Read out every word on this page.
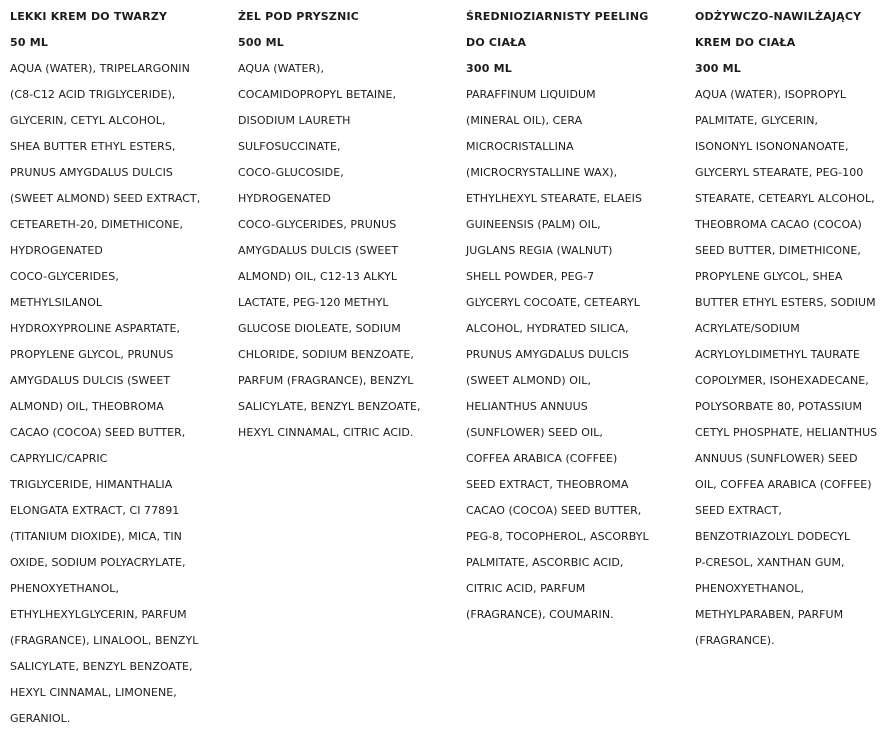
LEKKI KREM DO TWARZY
50 ML
AQUA (WATER), TRIPELARGONIN
(C8-C12 ACID TRIGLYCERIDE),
GLYCERIN, CETYL ALCOHOL,
SHEA BUTTER ETHYL ESTERS,
PRUNUS AMYGDALUS DULCIS
(SWEET ALMOND) SEED EXTRACT,
CETEARETH-20, DIMETHICONE,
HYDROGENATED
COCO-GLYCERIDES,
METHYLSILANOL
HYDROXYPROLINE ASPARTATE,
PROPYLENE GLYCOL, PRUNUS
AMYGDALUS DULCIS (SWEET
ALMOND) OIL, THEOBROMA
CACAO (COCOA) SEED BUTTER,
CAPRYLIC/CAPRIC
TRIGLYCERIDE, HIMANTHALIA
ELONGATA EXTRACT, CI 77891
(TITANIUM DIOXIDE), MICA, TIN
OXIDE, SODIUM POLYACRYLATE,
PHENOXYETHANOL,
ETHYLHEXYLGLYCERIN, PARFUM
(FRAGRANCE), LINALOOL, BENZYL
SALICYLATE, BENZYL BENZOATE,
HEXYL CINNAMAL, LIMONENE,
GERANIOL.
ŻEL POD PRYSZNIC
500 ML
AQUA (WATER),
COCAMIDOPROPYL BETAINE,
DISODIUM LAURETH
SULFOSUCCINATE,
COCO-GLUCOSIDE,
HYDROGENATED
COCO-GLYCERIDES, PRUNUS
AMYGDALUS DULCIS (SWEET
ALMOND) OIL, C12-13 ALKYL
LACTATE, PEG-120 METHYL
GLUCOSE DIOLEATE, SODIUM
CHLORIDE, SODIUM BENZOATE,
PARFUM (FRAGRANCE), BENZYL
SALICYLATE, BENZYL BENZOATE,
HEXYL CINNAMAL, CITRIC ACID.
ŚREDNIOZIARNISTY PEELING
DO CIAŁA
300 ML
PARAFFINUM LIQUIDUM
(MINERAL OIL), CERA
MICROCRISTALLINA
(MICROCRYSTALLINE WAX),
ETHYLHEXYL STEARATE, ELAEIS
GUINEENSIS (PALM) OIL,
JUGLANS REGIA (WALNUT)
SHELL POWDER, PEG-7
GLYCERYL COCOATE, CETEARYL
ALCOHOL, HYDRATED SILICA,
PRUNUS AMYGDALUS DULCIS
(SWEET ALMOND) OIL,
HELIANTHUS ANNUUS
(SUNFLOWER) SEED OIL,
COFFEA ARABICA (COFFEE)
SEED EXTRACT, THEOBROMA
CACAO (COCOA) SEED BUTTER,
PEG-8, TOCOPHEROL, ASCORBYL
PALMITATE, ASCORBIC ACID,
CITRIC ACID, PARFUM
(FRAGRANCE), COUMARIN.
ODŻYWCZO-NAWILŻAJĄCY
KREM DO CIAŁA
300 ML
AQUA (WATER), ISOPROPYL
PALMITATE, GLYCERIN,
ISONONYL ISONONANOATE,
GLYCERYL STEARATE, PEG-100
STEARATE, CETEARYL ALCOHOL,
THEOBROMA CACAO (COCOA)
SEED BUTTER, DIMETHICONE,
PROPYLENE GLYCOL, SHEA
BUTTER ETHYL ESTERS, SODIUM
ACRYLATE/SODIUM
ACRYLOYLDIMETHYL TAURATE
COPOLYMER, ISOHEXADECANE,
POLYSORBATE 80, POTASSIUM
CETYL PHOSPHATE, HELIANTHUS
ANNUUS (SUNFLOWER) SEED
OIL, COFFEA ARABICA (COFFEE)
SEED EXTRACT,
BENZOTRIAZOLYL DODECYL
P-CRESOL, XANTHAN GUM,
PHENOXYETHANOL,
METHYLPARABEN, PARFUM
(FRAGRANCE).
